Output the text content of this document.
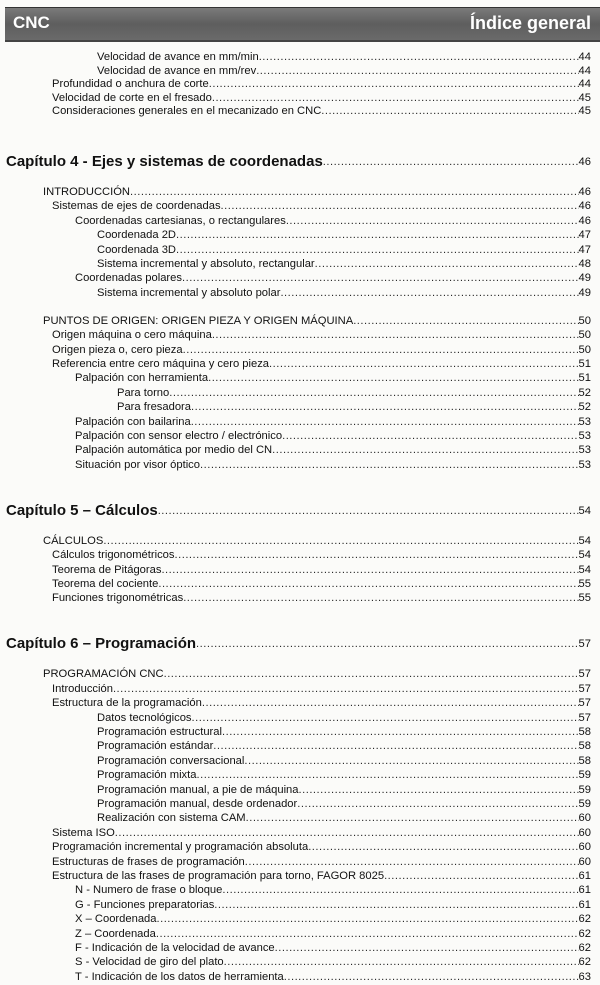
CNC	Índice general
Velocidad de avance en mm/min .....	44
Velocidad de avance en mm/rev .....	44
Profundidad o anchura de corte .....	44
Velocidad de corte en el fresado .....	45
Consideraciones generales en el mecanizado en CNC .....	45
Capítulo 4 - Ejes y sistemas de coordenadas .....	46
INTRODUCCIÓN .....	46
Sistemas de ejes de coordenadas .....	46
Coordenadas cartesianas, o rectangulares .....	46
Coordenada 2D .....	47
Coordenada 3D .....	47
Sistema incremental y absoluto, rectangular .....	48
Coordenadas polares .....	49
Sistema incremental y absoluto polar .....	49
PUNTOS DE ORIGEN: ORIGEN PIEZA Y ORIGEN MÁQUINA .....	50
Origen máquina o cero máquina .....	50
Origen pieza o, cero pieza .....	50
Referencia entre cero máquina y cero pieza .....	51
Palpación con herramienta .....	51
Para torno .....	52
Para fresadora .....	52
Palpación con bailarina .....	53
Palpación con sensor electro / electrónico .....	53
Palpación automática por medio del CN .....	53
Situación por visor óptico .....	53
Capítulo 5 – Cálculos .....	54
CÁLCULOS .....	54
Cálculos trigonométricos .....	54
Teorema de Pitágoras .....	54
Teorema del cociente .....	55
Funciones trigonométricas .....	55
Capítulo 6 – Programación .....	57
PROGRAMACIÓN CNC .....	57
Introducción .....	57
Estructura de la programación .....	57
Datos tecnológicos .....	57
Programación estructural .....	58
Programación estándar .....	58
Programación conversacional .....	58
Programación mixta .....	59
Programación manual, a pie de máquina .....	59
Programación manual, desde ordenador .....	59
Realización con sistema CAM .....	60
Sistema ISO .....	60
Programación incremental y programación absoluta .....	60
Estructuras de frases de programación .....	60
Estructura de las frases de programación para torno, FAGOR 8025 .....	61
N - Numero de frase o bloque .....	61
G - Funciones preparatorias .....	61
X – Coordenada .....	62
Z – Coordenada .....	62
F - Indicación de la velocidad de avance .....	62
S - Velocidad de giro del plato .....	62
T - Indicación de los datos de herramienta .....	63
